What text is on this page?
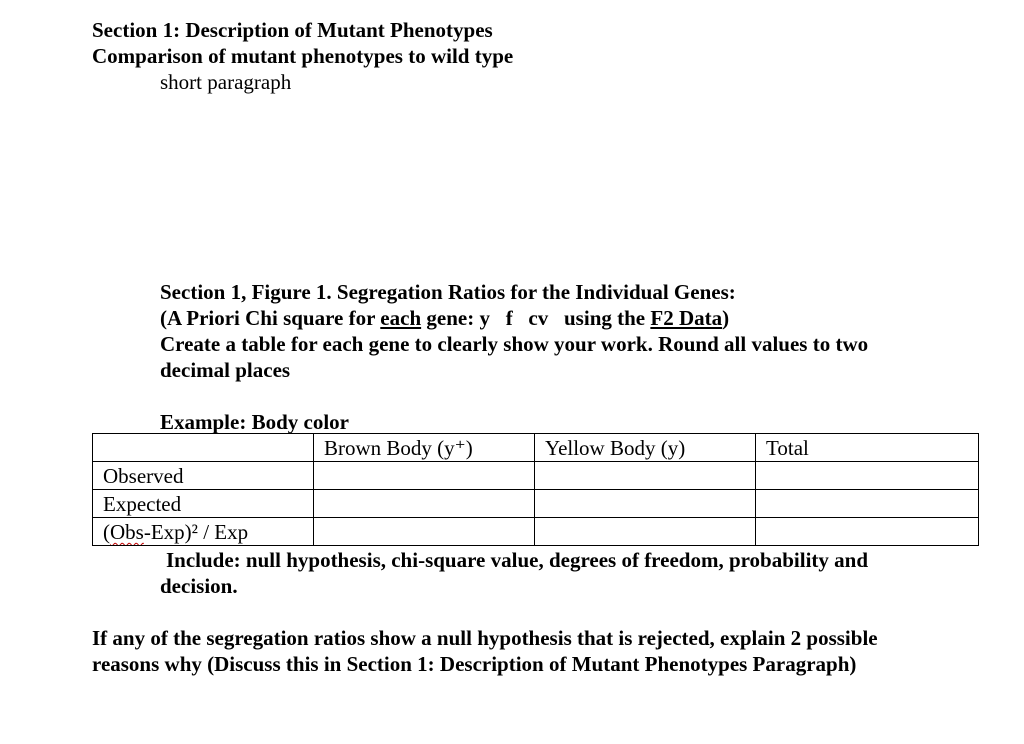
Section 1: Description of Mutant Phenotypes
Comparison of mutant phenotypes to wild type
short paragraph
Section 1, Figure 1. Segregation Ratios for the Individual Genes:
(A Priori Chi square for each gene: y   f   cv   using the F2 Data)
Create a table for each gene to clearly show your work. Round all values to two
decimal places
Example: Body color
	Brown Body (y⁺)	Yellow Body (y)	Total
Observed			
Expected			
(Obs-Exp)² / Exp			
Include: null hypothesis, chi-square value, degrees of freedom, probability and
decision.
If any of the segregation ratios show a null hypothesis that is rejected, explain 2 possible
reasons why (Discuss this in Section 1: Description of Mutant Phenotypes Paragraph)
